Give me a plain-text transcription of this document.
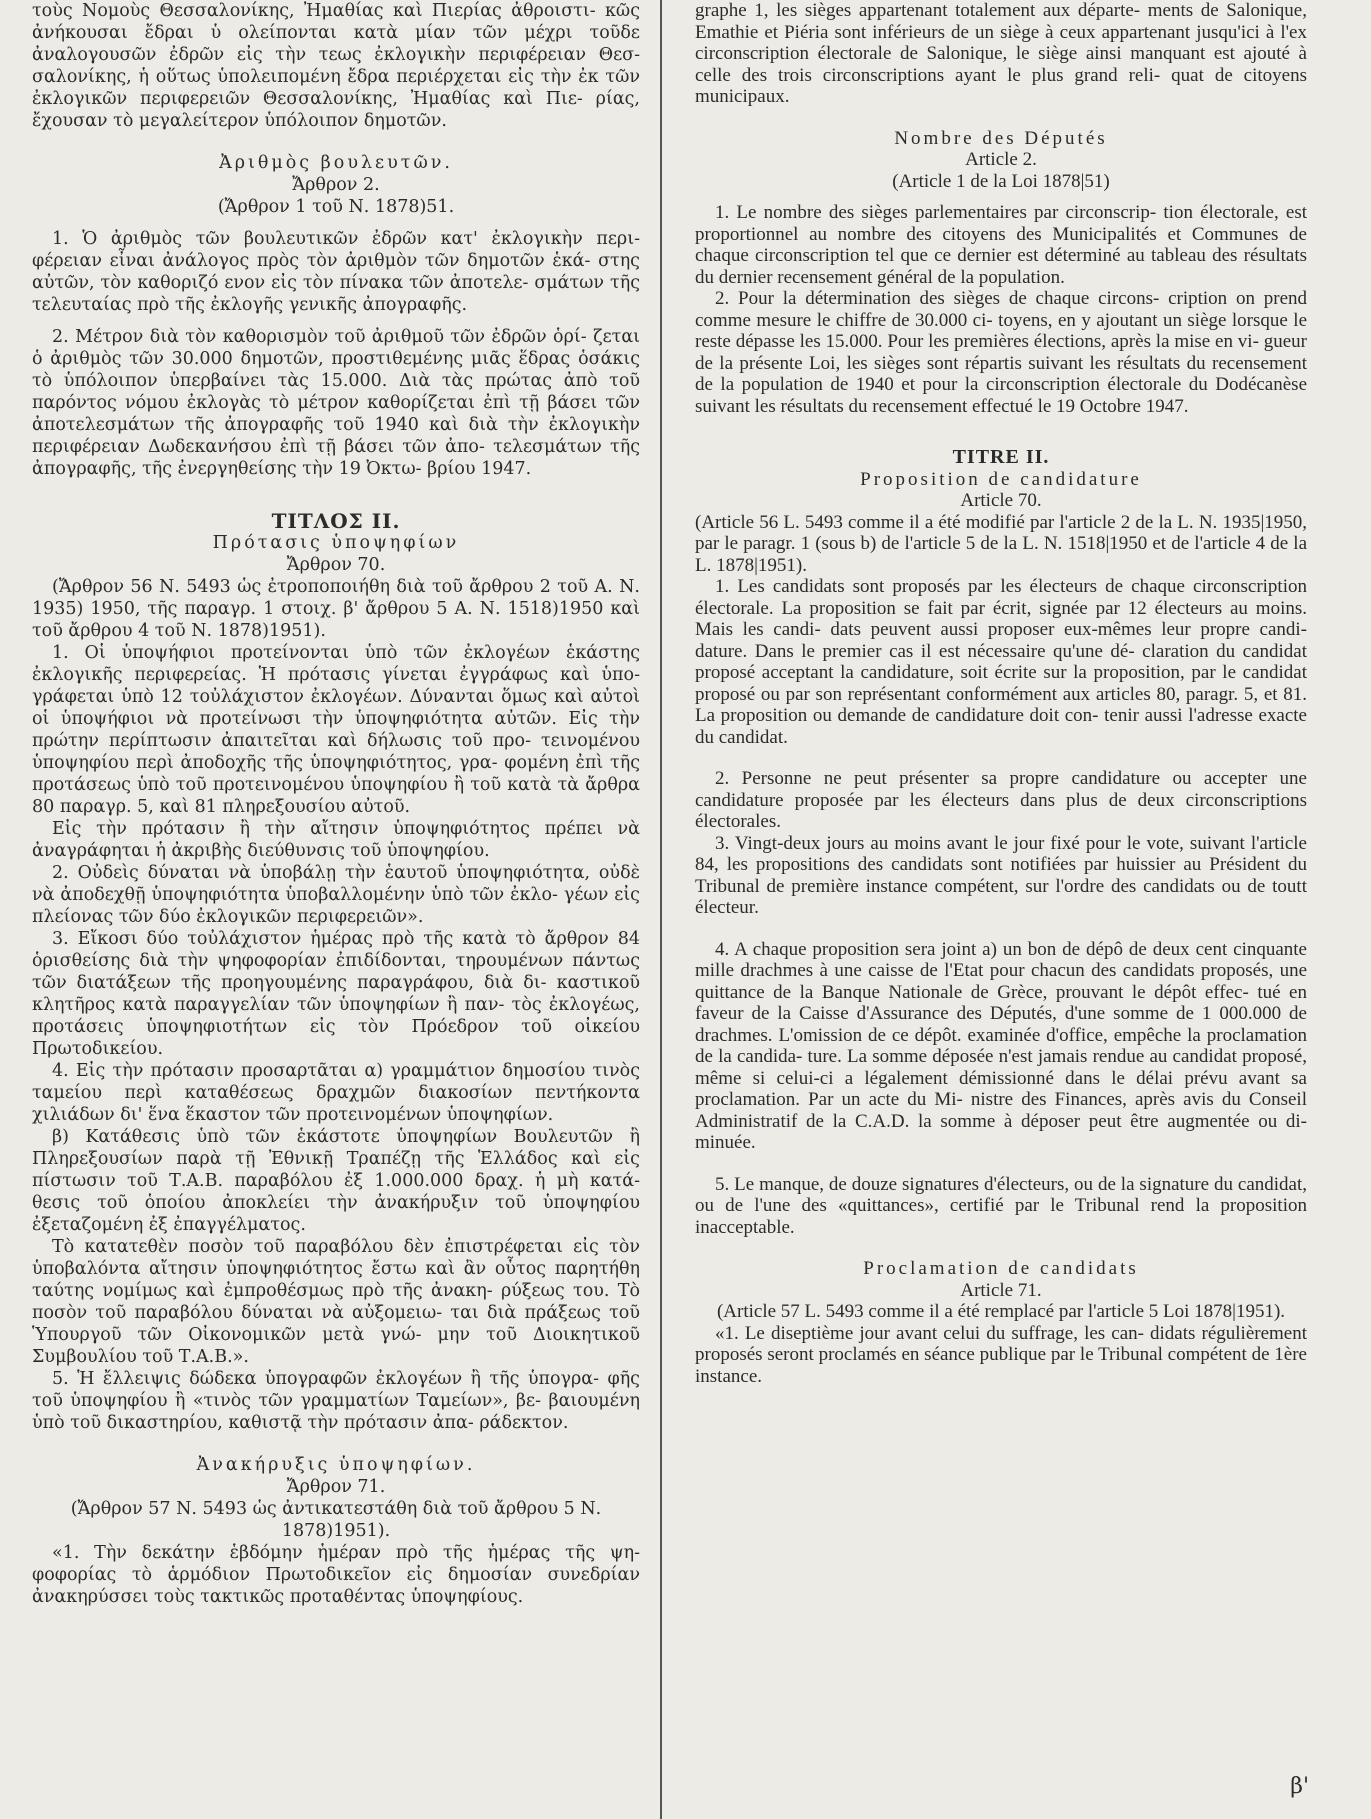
τοὺς Νομοὺς Θεσσαλονίκης, Ἠμαθίας καὶ Πιερίας ἀθροιστι- κῶς ἀνήκουσαι ἔδραι ὑ ολείπονται κατὰ μίαν τῶν μέχρι τοῦδε ἀναλογουσῶν ἐδρῶν εἰς τὴν τεως ἐκλογικὴν περιφέρειαν Θεσ- σαλονίκης, ἡ οὕτως ὑπολειπομένη ἔδρα περιέρχεται εἰς τὴν ἐκ τῶν ἐκλογικῶν περιφερειῶν Θεσσαλονίκης, Ἠμαθίας καὶ Πιε- ρίας, ἔχουσαν τὸ μεγαλείτερον ὑπόλοιπον δημοτῶν.

Ἀριθμὸς βουλευτῶν.

Ἄρθρον 2.

(Ἄρθρον 1 τοῦ Ν. 1878)51.

1. Ὁ ἀριθμὸς τῶν βουλευτικῶν ἐδρῶν κατ' ἐκλογικὴν περι- φέρειαν εἶναι ἀνάλογος πρὸς τὸν ἀριθμὸν τῶν δημοτῶν ἑκά- στης αὐτῶν, τὸν καθοριζό ενον εἰς τὸν πίνακα τῶν ἀποτελε- σμάτων τῆς τελευταίας πρὸ τῆς ἐκλογῆς γενικῆς ἀπογραφῆς.

2. Μέτρον διὰ τὸν καθορισμὸν τοῦ ἀριθμοῦ τῶν ἐδρῶν ὁρί- ζεται ὁ ἀριθμὸς τῶν 30.000 δημοτῶν, προστιθεμένης μιᾶς ἕδρας ὁσάκις τὸ ὑπόλοιπον ὑπερβαίνει τὰς 15.000. Διὰ τὰς πρώτας ἀπὸ τοῦ παρόντος νόμου ἐκλογὰς τὸ μέτρον καθορίζεται ἐπὶ τῇ βάσει τῶν ἀποτελεσμάτων τῆς ἀπογραφῆς τοῦ 1940 καὶ διὰ τὴν ἐκλογικὴν περιφέρειαν Δωδεκανήσου ἐπὶ τῇ βάσει τῶν ἀπο- τελεσμάτων τῆς ἀπογραφῆς, τῆς ἐνεργηθείσης τὴν 19 Ὀκτω- βρίου 1947.

ΤΙΤΛΟΣ ΙΙ.

Πρότασις ὑποψηφίων

Ἄρθρον 70.

(Ἄρθρον 56 Ν. 5493 ὡς ἐτροποποιήθη διὰ τοῦ ἄρθρου 2 τοῦ Α. Ν. 1935) 1950, τῆς παραγρ. 1 στοιχ. β' ἄρθρου 5 Α. Ν. 1518)1950 καὶ τοῦ ἄρθρου 4 τοῦ Ν. 1878)1951).

1. Οἱ ὑποψήφιοι προτείνονται ὑπὸ τῶν ἐκλογέων ἑκάστης ἐκλογικῆς περιφερείας. Ἡ πρότασις γίνεται ἐγγράφως καὶ ὑπο- γράφεται ὑπὸ 12 τοὐλάχιστον ἐκλογέων. Δύνανται ὅμως καὶ αὐτοὶ οἱ ὑποψήφιοι νὰ προτείνωσι τὴν ὑποψηφιότητα αὐτῶν. Εἰς τὴν πρώτην περίπτωσιν ἀπαιτεῖται καὶ δήλωσις τοῦ προ- τεινομένου ὑποψηφίου περὶ ἀποδοχῆς τῆς ὑποψηφιότητος, γρα- φομένη ἐπὶ τῆς προτάσεως ὑπὸ τοῦ προτεινομένου ὑποψηφίου ἢ τοῦ κατὰ τὰ ἄρθρα 80 παραγρ. 5, καὶ 81 πληρεξουσίου αὐτοῦ.

Εἰς τὴν πρότασιν ἢ τὴν αἴτησιν ὑποψηφιότητος πρέπει νὰ ἀναγράφηται ἡ ἀκριβὴς διεύθυνσις τοῦ ὑποψηφίου.

2. Οὐδεὶς δύναται νὰ ὑποβάλῃ τὴν ἑαυτοῦ ὑποψηφιότητα, οὐδὲ νὰ ἀποδεχθῇ ὑποψηφιότητα ὑποβαλλομένην ὑπὸ τῶν ἐκλο- γέων εἰς πλείονας τῶν δύο ἐκλογικῶν περιφερειῶν».

3. Εἴκοσι δύο τοὐλάχιστον ἡμέρας πρὸ τῆς κατὰ τὸ ἄρθρον 84 ὁρισθείσης διὰ τὴν ψηφοφορίαν ἐπιδίδονται, τηρουμένων πάντως τῶν διατάξεων τῆς προηγουμένης παραγράφου, διὰ δι- καστικοῦ κλητῆρος κατὰ παραγγελίαν τῶν ὑποψηφίων ἢ παν- τὸς ἐκλογέως, προτάσεις ὑποψηφιοτήτων εἰς τὸν Πρόεδρον τοῦ οἰκείου Πρωτοδικείου.

4. Εἰς τὴν πρότασιν προσαρτᾶται α) γραμμάτιον δημοσίου τινὸς ταμείου περὶ καταθέσεως δραχμῶν διακοσίων πεντήκοντα χιλιάδων δι' ἕνα ἕκαστον τῶν προτεινομένων ὑποψηφίων.

β) Κατάθεσις ὑπὸ τῶν ἑκάστοτε ὑποψηφίων Βουλευτῶν ἢ Πληρεξουσίων παρὰ τῇ Ἐθνικῇ Τραπέζῃ τῆς Ἑλλάδος καὶ εἰς πίστωσιν τοῦ Τ.Α.Β. παραβόλου ἐξ 1.000.000 δραχ. ἡ μὴ κατά- θεσις τοῦ ὁποίου ἀποκλείει τὴν ἀνακήρυξιν τοῦ ὑποψηφίου ἐξεταζομένη ἐξ ἐπαγγέλματος.

Τὸ κατατεθὲν ποσὸν τοῦ παραβόλου δὲν ἐπιστρέφεται εἰς τὸν ὑποβαλόντα αἴτησιν ὑποψηφιότητος ἔστω καὶ ἂν οὗτος παρητήθη ταύτης νομίμως καὶ ἐμπροθέσμως πρὸ τῆς ἀνακη- ρύξεως του. Τὸ ποσὸν τοῦ παραβόλου δύναται νὰ αὐξομειω- ται διὰ πράξεως τοῦ Ὑπουργοῦ τῶν Οἰκονομικῶν μετὰ γνώ- μην τοῦ Διοικητικοῦ Συμβουλίου τοῦ Τ.Α.Β.».

5. Ἡ ἔλλειψις δώδεκα ὑπογραφῶν ἐκλογέων ἢ τῆς ὑπογρα- φῆς τοῦ ὑποψηφίου ἢ «τινὸς τῶν γραμματίων Ταμείων», βε- βαιουμένη ὑπὸ τοῦ δικαστηρίου, καθιστᾷ τὴν πρότασιν ἀπα- ράδεκτον.

Ἀνακήρυξις ὑποψηφίων.

Ἄρθρον 71.

(Ἄρθρον 57 Ν. 5493 ὡς ἀντικατεστάθη διὰ τοῦ ἄρθρου 5 Ν. 1878)1951).

«1. Τὴν δεκάτην ἑβδόμην ἡμέραν πρὸ τῆς ἡμέρας τῆς ψη- φοφορίας τὸ ἁρμόδιον Πρωτοδικεῖον εἰς δημοσίαν συνεδρίαν ἀνακηρύσσει τοὺς τακτικῶς προταθέντας ὑποψηφίους.

graphe 1, les sièges appartenant totalement aux départe- ments de Salonique, Emathie et Piéria sont inférieurs de un siège à ceux appartenant jusqu'ici à l'ex circonscription électorale de Salonique, le siège ainsi manquant est ajouté à celle des trois circonscriptions ayant le plus grand reli- quat de citoyens municipaux.

Nombre des Députés

Article 2.

(Article 1 de la Loi 1878|51)

1. Le nombre des sièges parlementaires par circonscrip- tion électorale, est proportionnel au nombre des citoyens des Municipalités et Communes de chaque circonscription tel que ce dernier est déterminé au tableau des résultats du dernier recensement général de la population.

2. Pour la détermination des sièges de chaque circons- cription on prend comme mesure le chiffre de 30.000 ci- toyens, en y ajoutant un siège lorsque le reste dépasse les 15.000. Pour les premières élections, après la mise en vi- gueur de la présente Loi, les sièges sont répartis suivant les résultats du recensement de la population de 1940 et pour la circonscription électorale du Dodécanèse suivant les résultats du recensement effectué le 19 Octobre 1947.

TITRE II.

Proposition de candidature

Article 70.

(Article 56 L. 5493 comme il a été modifié par l'article 2 de la L. N. 1935|1950, par le paragr. 1 (sous b) de l'article 5 de la L. N. 1518|1950 et de l'article 4 de la L. 1878|1951).

1. Les candidats sont proposés par les électeurs de chaque circonscription électorale. La proposition se fait par écrit, signée par 12 électeurs au moins. Mais les candi- dats peuvent aussi proposer eux-mêmes leur propre candi- dature. Dans le premier cas il est nécessaire qu'une dé- claration du candidat proposé acceptant la candidature, soit écrite sur la proposition, par le candidat proposé ou par son représentant conformément aux articles 80, paragr. 5, et 81. La proposition ou demande de candidature doit con- tenir aussi l'adresse exacte du candidat.

2. Personne ne peut présenter sa propre candidature ou accepter une candidature proposée par les électeurs dans plus de deux circonscriptions électorales.

3. Vingt-deux jours au moins avant le jour fixé pour le vote, suivant l'article 84, les propositions des candidats sont notifiées par huissier au Président du Tribunal de première instance compétent, sur l'ordre des candidats ou de toutt électeur.

4. A chaque proposition sera joint a) un bon de dépô de deux cent cinquante mille drachmes à une caisse de l'Etat pour chacun des candidats proposés, une quittance de la Banque Nationale de Grèce, prouvant le dépôt effec- tué en faveur de la Caisse d'Assurance des Députés, d'une somme de 1 000.000 de drachmes. L'omission de ce dépôt. examinée d'office, empêche la proclamation de la candida- ture. La somme déposée n'est jamais rendue au candidat proposé, même si celui-ci a légalement démissionné dans le délai prévu avant sa proclamation. Par un acte du Mi- nistre des Finances, après avis du Conseil Administratif de la C.A.D. la somme à déposer peut être augmentée ou di- minuée.

5. Le manque, de douze signatures d'électeurs, ou de la signature du candidat, ou de l'une des «quittances», certifié par le Tribunal rend la proposition inacceptable.

Proclamation de candidats

Article 71.

(Article 57 L. 5493 comme il a été remplacé par l'article 5 Loi 1878|1951).

«1. Le diseptième jour avant celui du suffrage, les can- didats régulièrement proposés seront proclamés en séance publique par le Tribunal compétent de 1ère instance.

β'
